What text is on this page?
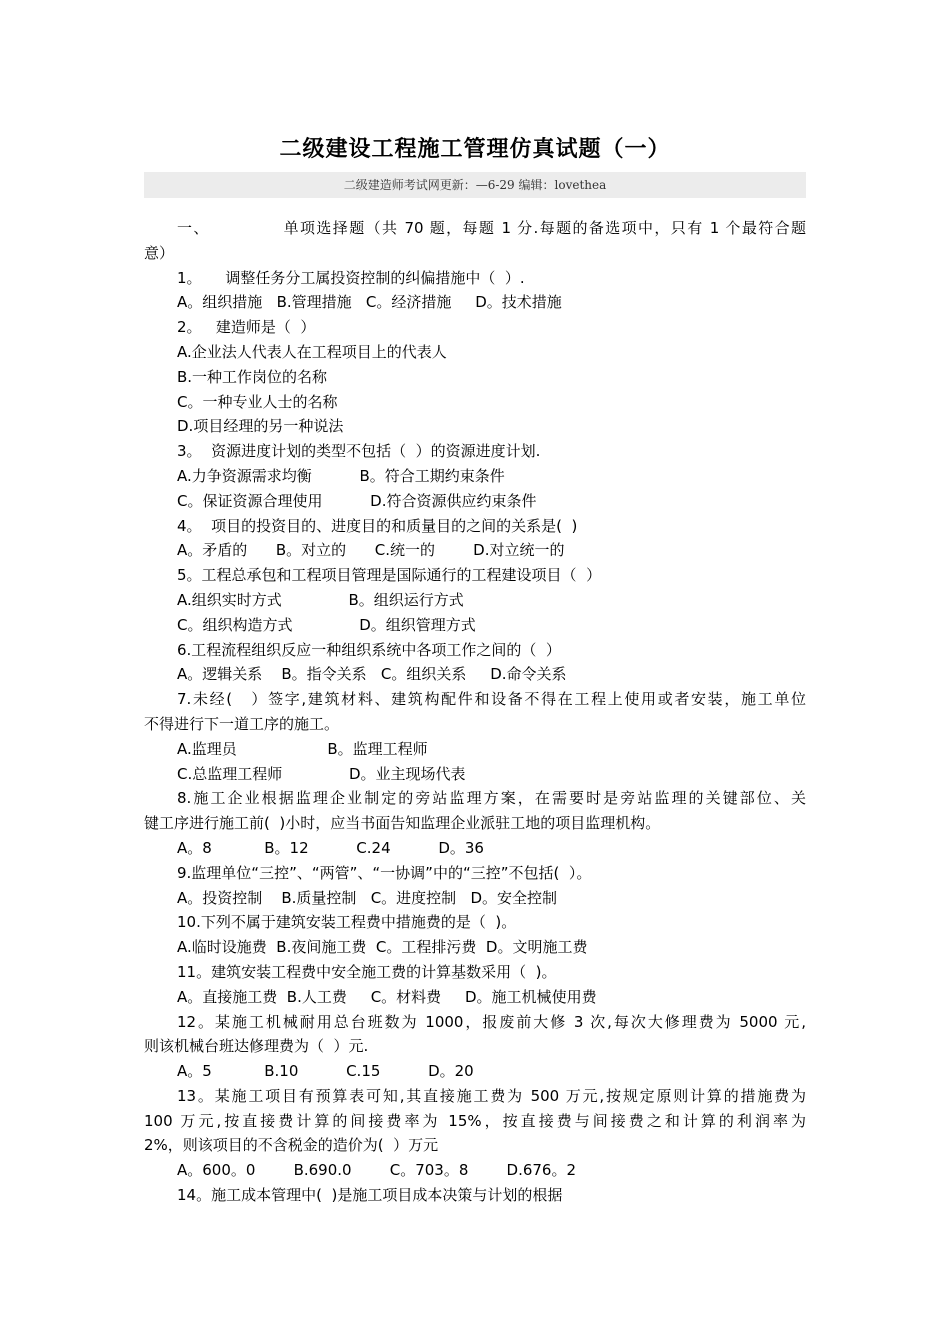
二级建设工程施工管理仿真试题（一）
二级建造师考试网更新：—6-29 编辑：lovethea
一、            单项选择题（共 70 题，每题 1 分.每题的备选项中，只有 1 个最符合题
意）
1。     调整任务分工属投资控制的纠偏措施中（  ）.
A。组织措施   B.管理措施   C。经济措施     D。技术措施
2。   建造师是（  ）
A.企业法人代表人在工程项目上的代表人
B.一种工作岗位的名称
C。一种专业人士的名称
D.项目经理的另一种说法
3。  资源进度计划的类型不包括（  ）的资源进度计划.
A.力争资源需求均衡          B。符合工期约束条件
C。保证资源合理使用          D.符合资源供应约束条件
4。  项目的投资目的、进度目的和质量目的之间的关系是(  )
A。矛盾的      B。对立的      C.统一的        D.对立统一的
5。工程总承包和工程项目管理是国际通行的工程建设项目（  ）
A.组织实时方式              B。组织运行方式
C。组织构造方式              D。组织管理方式
6.工程流程组织反应一种组织系统中各项工作之间的（  ）
A。逻辑关系    B。指令关系   C。组织关系     D.命令关系
7.未经(   ）签字,建筑材料、建筑构配件和设备不得在工程上使用或者安装，施工单位
不得进行下一道工序的施工。
A.监理员                   B。监理工程师
C.总监理工程师              D。业主现场代表
8.施工企业根据监理企业制定的旁站监理方案，在需要时是旁站监理的关键部位、关
键工序进行施工前(  )小时，应当书面告知监理企业派驻工地的项目监理机构。
A。8           B。12          C.24          D。36
9.监理单位“三控”、“两管”、“一协调”中的“三控”不包括(  ）。
A。投资控制    B.质量控制   C。进度控制   D。安全控制
10.下列不属于建筑安装工程费中措施费的是（  )。
A.临时设施费  B.夜间施工费  C。工程排污费  D。文明施工费
11。建筑安装工程费中安全施工费的计算基数采用（  )。
A。直接施工费  B.人工费     C。材料费     D。施工机械使用费
12。某施工机械耐用总台班数为 1000，报废前大修 3 次,每次大修理费为 5000 元,
则该机械台班达修理费为（  ）元.
A。5           B.10          C.15          D。20
13。某施工项目有预算表可知,其直接施工费为 500 万元,按规定原则计算的措施费为
100 万元,按直接费计算的间接费率为 15%，按直接费与间接费之和计算的利润率为
2%，则该项目的不含税金的造价为(  ）万元
A。600。0        B.690.0        C。703。8        D.676。2
14。施工成本管理中(  )是施工项目成本决策与计划的根据
